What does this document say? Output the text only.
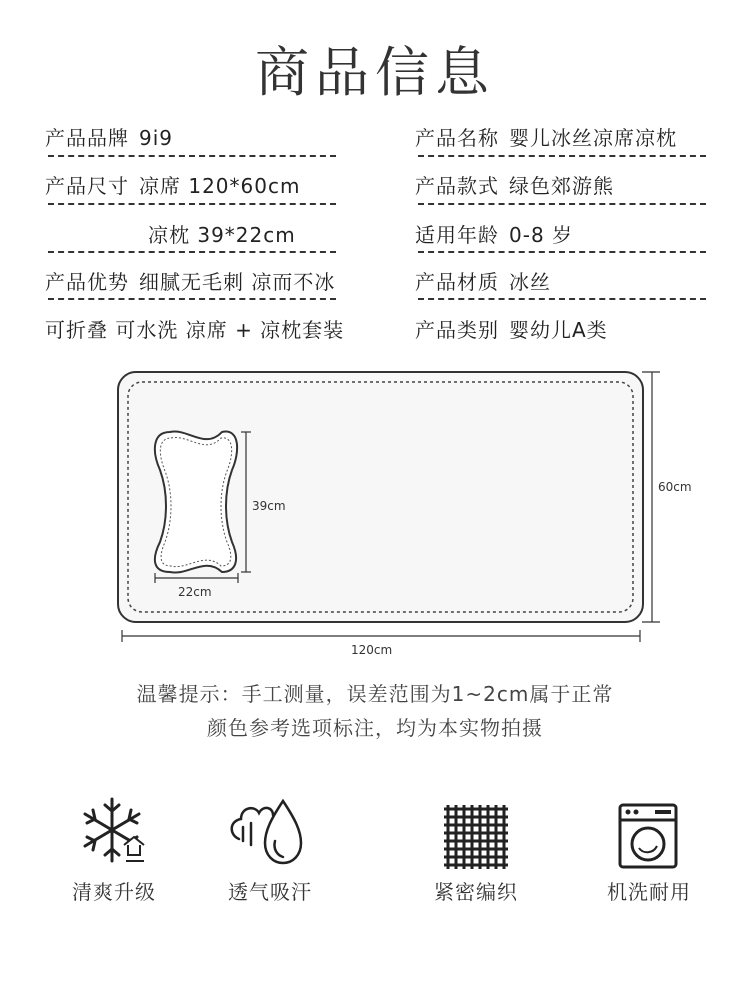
商品信息
产品品牌 9i9
产品尺寸 凉席 120*60cm
凉枕 39*22cm
产品优势 细腻无毛刺 凉而不冰
可折叠 可水洗 凉席 + 凉枕套装
产品名称 婴儿冰丝凉席凉枕
产品款式 绿色郊游熊
适用年龄 0-8 岁
产品材质 冰丝
产品类别 婴幼儿A类
39cm
22cm
60cm
120cm
温馨提示：手工测量，误差范围为1~2cm属于正常
颜色参考选项标注，均为本实物拍摄
清爽升级	透气吸汗	紧密编织	机洗耐用
